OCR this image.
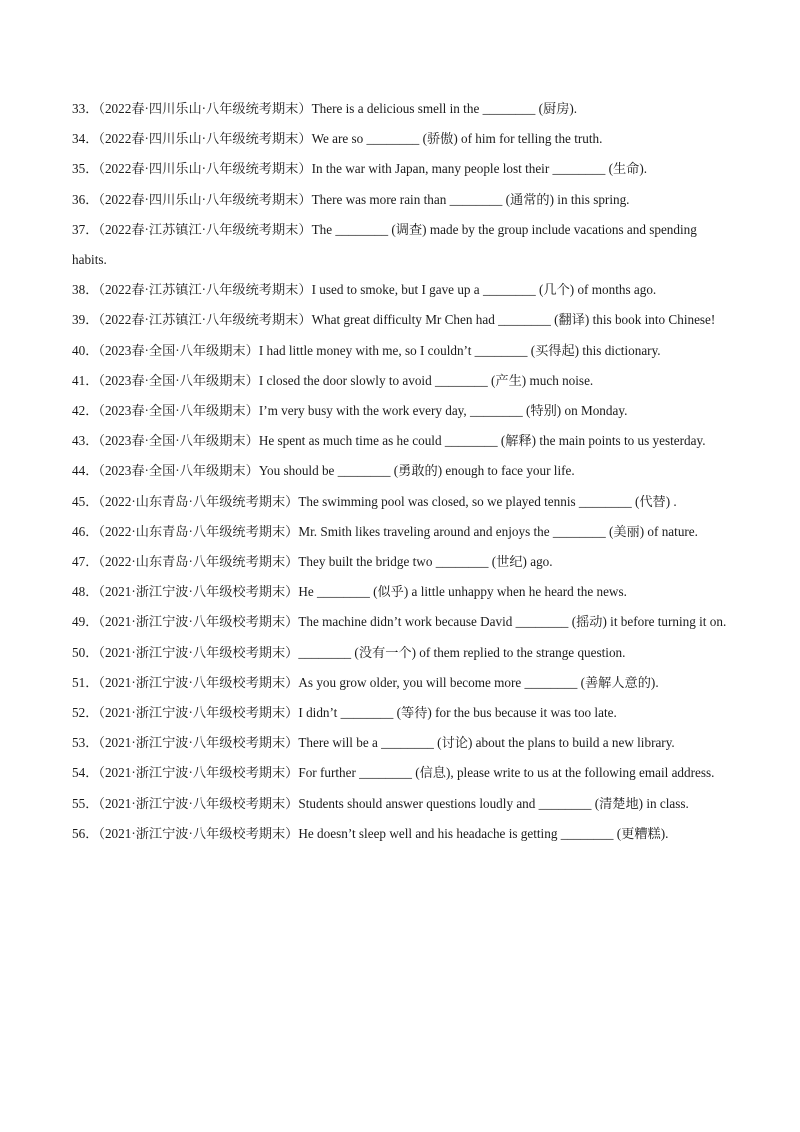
33．（2022春·四川乐山·八年级统考期末）There is a delicious smell in the ________ (厨房).
34．（2022春·四川乐山·八年级统考期末）We are so ________ (骄傲) of him for telling the truth.
35．（2022春·四川乐山·八年级统考期末）In the war with Japan, many people lost their ________ (生命).
36．（2022春·四川乐山·八年级统考期末）There was more rain than ________ (通常的) in this spring.
37．（2022春·江苏镇江·八年级统考期末）The ________ (调查) made by the group include vacations and spending habits.
38．（2022春·江苏镇江·八年级统考期末）I used to smoke, but I gave up a ________ (几个) of months ago.
39．（2022春·江苏镇江·八年级统考期末）What great difficulty Mr Chen had ________ (翻译) this book into Chinese!
40．（2023春·全国·八年级期末）I had little money with me, so I couldn’t ________ (买得起) this dictionary.
41．（2023春·全国·八年级期末）I closed the door slowly to avoid ________ (产生) much noise.
42．（2023春·全国·八年级期末）I’m very busy with the work every day, ________ (特别) on Monday.
43．（2023春·全国·八年级期末）He spent as much time as he could ________ (解释) the main points to us yesterday.
44．（2023春·全国·八年级期末）You should be ________ (勇敢的) enough to face your life.
45．（2022·山东青岛·八年级统考期末）The swimming pool was closed, so we played tennis ________ (代替) .
46．（2022·山东青岛·八年级统考期末）Mr. Smith likes traveling around and enjoys the ________ (美丽) of nature.
47．（2022·山东青岛·八年级统考期末）They built the bridge two ________ (世纪) ago.
48．（2021·浙江宁波·八年级校考期末）He ________ (似乎) a little unhappy when he heard the news.
49．（2021·浙江宁波·八年级校考期末）The machine didn’t work because David ________ (摇动) it before turning it on.
50．（2021·浙江宁波·八年级校考期末）________ (没有一个) of them replied to the strange question.
51．（2021·浙江宁波·八年级校考期末）As you grow older, you will become more ________ (善解人意的).
52．（2021·浙江宁波·八年级校考期末）I didn’t ________ (等待) for the bus because it was too late.
53．（2021·浙江宁波·八年级校考期末）There will be a ________ (讨论) about the plans to build a new library.
54．（2021·浙江宁波·八年级校考期末）For further ________ (信息), please write to us at the following email address.
55．（2021·浙江宁波·八年级校考期末）Students should answer questions loudly and ________ (清楚地) in class.
56．（2021·浙江宁波·八年级校考期末）He doesn’t sleep well and his headache is getting ________ (更糟糕).
